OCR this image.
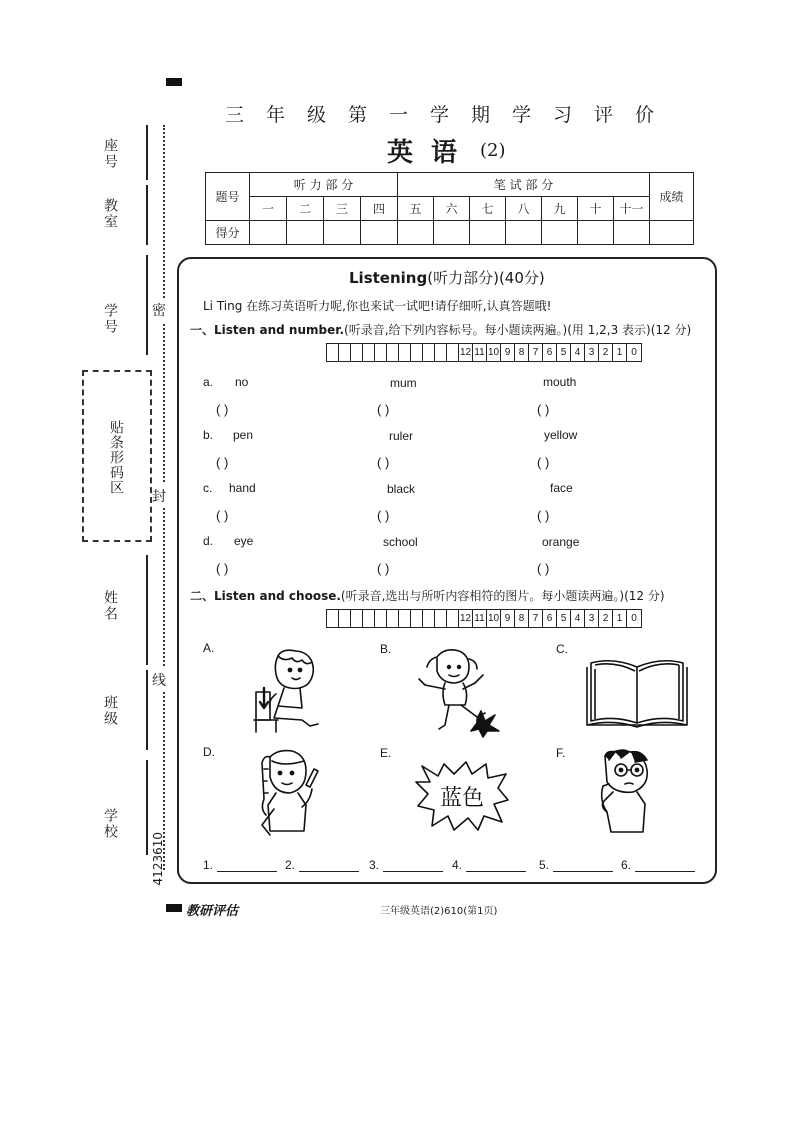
座号
教室
学号
贴条形码区
姓名
班级
学校
密
封
线
4123610
三年级第一学期学习评价
英语 (2)
题号	听 力 部 分				笔 试 部 分							成绩
	一	二	三	四	五	六	七	八	九	十	十一	
得分												
Listening(听力部分)(40分)
Li Ting 在练习英语听力呢,你也来试一试吧!请仔细听,认真答题哦!
一、Listen and number.(听录音,给下列内容标号。每小题读两遍。)(用 1,2,3 表示)(12 分)
12 11 10 9 8 7 6 5 4 3 2 1 0
a. no	mum	mouth
( )	( )	( )
b. pen	ruler	yellow
( )	( )	( )
c. hand	black	face
( )	( )	( )
d. eye	school	orange
( )	( )	( )
二、Listen and choose.(听录音,选出与所听内容相符的图片。每小题读两遍。)(12 分)
12 11 10 9 8 7 6 5 4 3 2 1 0
A.	B.	C.
D.	E.	F.
蓝色
1.	2.	3.	4.	5.	6.
教研评估	三年级英语(2)610(第1页)
